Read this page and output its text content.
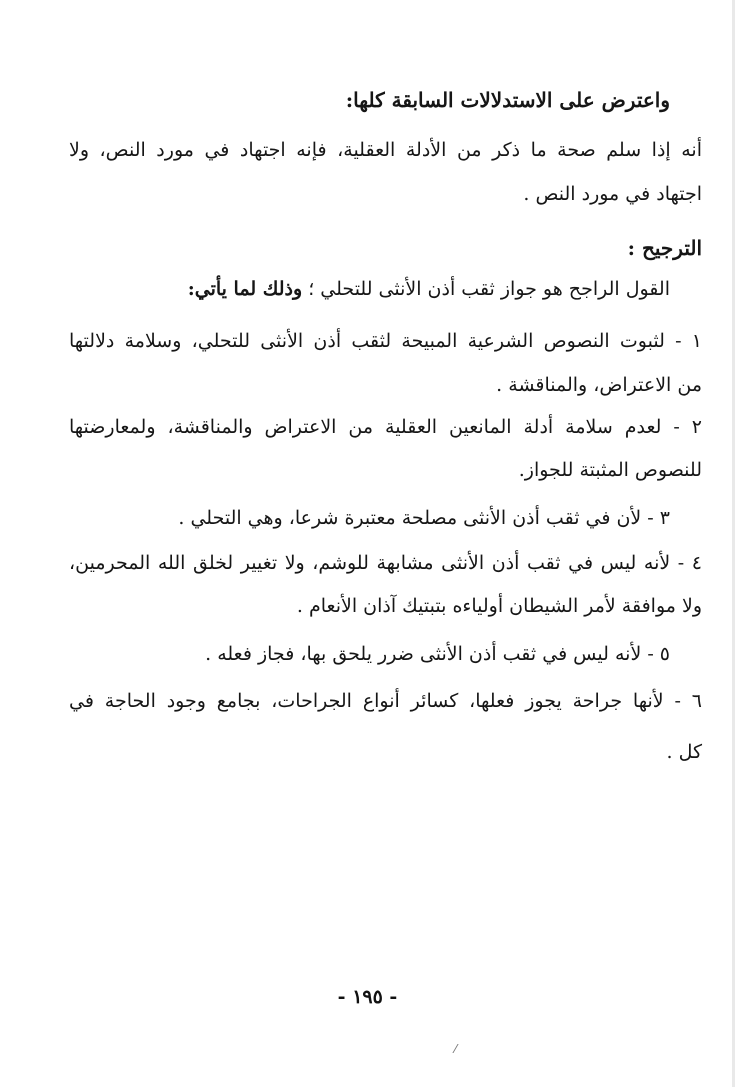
واعترض على الاستدلالات السابقة كلها:
أنه إذا سلم صحة ما ذكر من الأدلة العقلية، فإنه اجتهاد في مورد النص، ولا
اجتهاد في مورد النص .
الترجيح :
القول الراجح هو جواز ثقب أذن الأنثى للتحلي ؛ وذلك لما يأتي:
١ - لثبوت النصوص الشرعية المبيحة لثقب أذن الأنثى للتحلي، وسلامة دلالتها
من الاعتراض، والمناقشة .
٢ - لعدم سلامة أدلة المانعين العقلية من الاعتراض والمناقشة، ولمعارضتها
للنصوص المثبتة للجواز.
٣ - لأن في ثقب أذن الأنثى مصلحة معتبرة شرعا، وهي التحلي .
٤ - لأنه ليس في ثقب أذن الأنثى مشابهة للوشم، ولا تغيير لخلق الله المحرمين،
ولا موافقة لأمر الشيطان أولياءه بتبتيك آذان الأنعام .
٥ - لأنه ليس في ثقب أذن الأنثى ضرر يلحق بها، فجاز فعله .
٦ - لأنها جراحة يجوز فعلها، كسائر أنواع الجراحات، بجامع وجود الحاجة في
كل .
- ١٩٥ -
